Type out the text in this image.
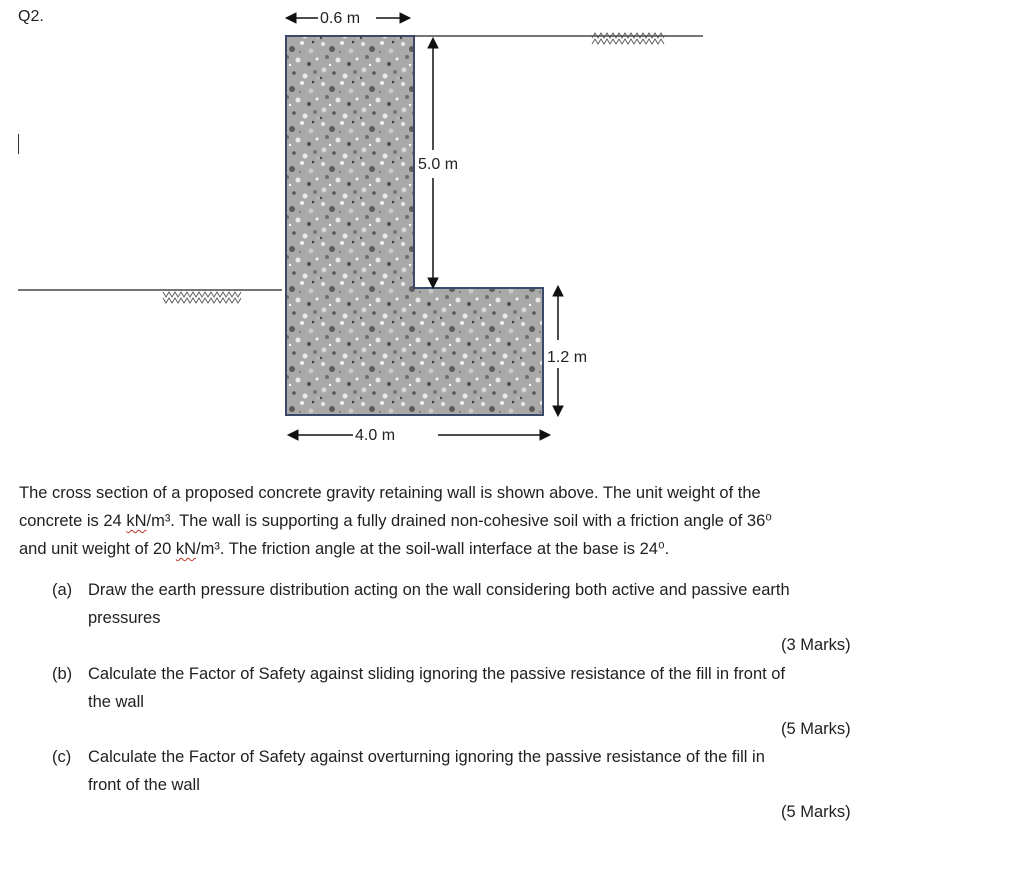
Q2.	0.6 m
5.0 m
1.2 m
4.0 m
The cross section of a proposed concrete gravity retaining wall is shown above. The unit weight of the
concrete is 24 kN/m³. The wall is supporting a fully drained non-cohesive soil with a friction angle of 36⁰
and unit weight of 20 kN/m³. The friction angle at the soil-wall interface at the base is 24⁰.
(a) Draw the earth pressure distribution acting on the wall considering both active and passive earth
pressures
(3 Marks)
(b) Calculate the Factor of Safety against sliding ignoring the passive resistance of the fill in front of
the wall
(5 Marks)
(c) Calculate the Factor of Safety against overturning ignoring the passive resistance of the fill in
front of the wall
(5 Marks)
